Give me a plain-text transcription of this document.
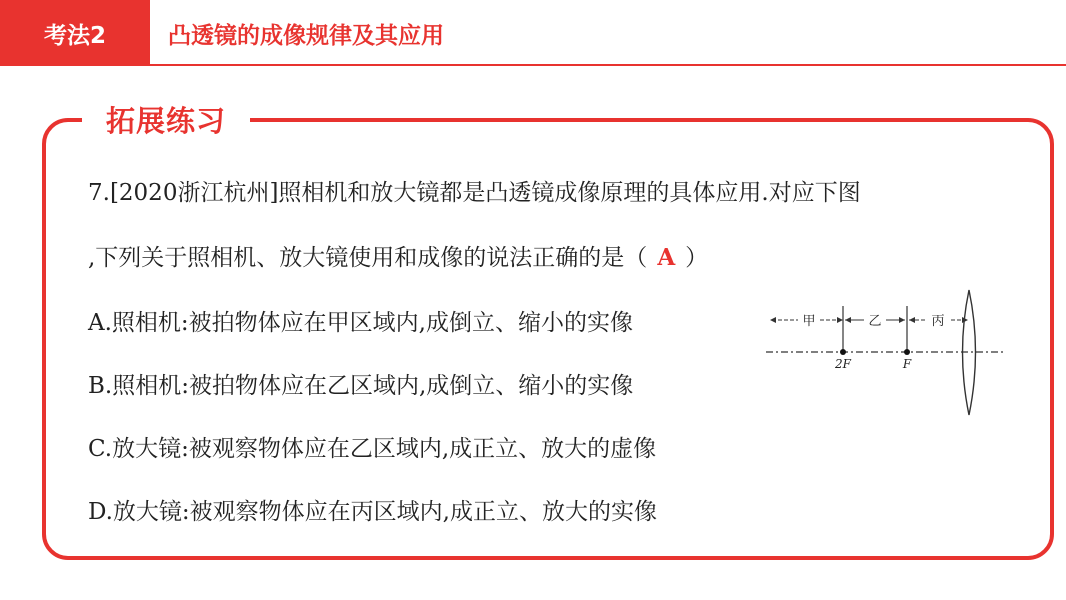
考法2	凸透镜的成像规律及其应用
拓展练习
7.[2020浙江杭州]照相机和放大镜都是凸透镜成像原理的具体应用.对应下图
,下列关于照相机、放大镜使用和成像的说法正确的是（ A ）
A.照相机:被拍物体应在甲区域内,成倒立、缩小的实像
B.照相机:被拍物体应在乙区域内,成倒立、缩小的实像
C.放大镜:被观察物体应在乙区域内,成正立、放大的虚像
D.放大镜:被观察物体应在丙区域内,成正立、放大的实像
甲	乙	丙
2F	F
